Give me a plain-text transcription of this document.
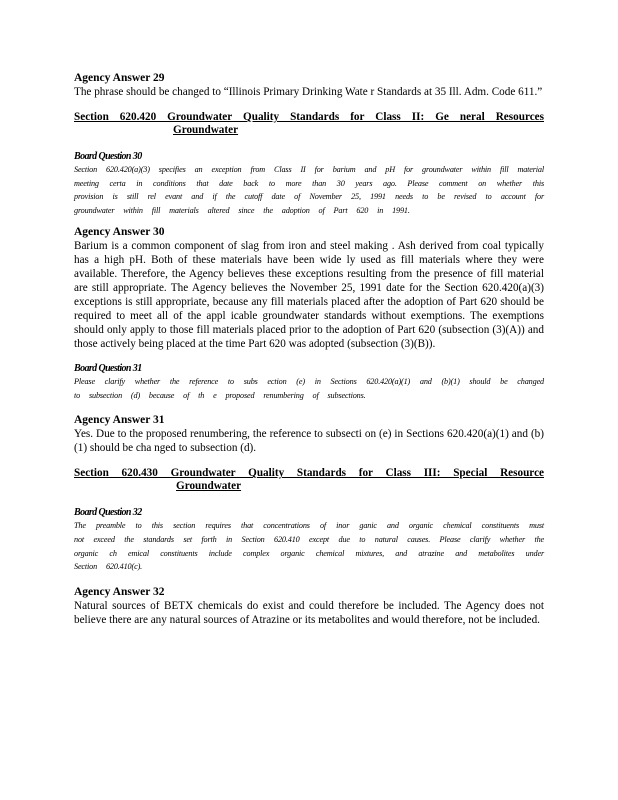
Agency Answer 29

The phrase should be changed to “Illinois Primary Drinking Wate r Standards at 35 Ill. Adm. Code 611.”

Section 620.420 Groundwater Quality Standards for Class II: Ge neral Resources

Groundwater

Board Question 30

Section 620.420(a)(3) specifies an exception from Class II for barium and pH for groundwater within fill material meeting certa in conditions that date back to more than 30 years ago. Please comment on whether this provision is still rel evant and if the cutoff date of November 25, 1991 needs to be revised to account for groundwater within fill materials altered since the adoption of Part 620 in 1991.

Agency Answer 30

Barium is a common component of slag from iron and steel making . Ash derived from coal typically has a high pH. Both of these materials have been wide ly used as fill materials where they were available. Therefore, the Agency believes these exceptions resulting from the presence of fill material are still appropriate. The Agency believes the November 25, 1991 date for the Section 620.420(a)(3) exceptions is still appropriate, because any fill materials placed after the adoption of Part 620 should be required to meet all of the appl icable groundwater standards without exemptions. The exemptions should only apply to those fill materials placed prior to the adoption of Part 620 (subsection (3)(A)) and those actively being placed at the time Part 620 was adopted (subsection (3)(B)).

Board Question 31

Please clarify whether the reference to subs ection (e) in Sections 620.420(a)(1) and (b)(1) should be changed to subsection (d) because of th e proposed renumbering of subsections.

Agency Answer 31

Yes. Due to the proposed renumbering, the reference to subsecti on (e) in Sections 620.420(a)(1) and (b)(1) should be cha nged to subsection (d).

Section 620.430 Groundwater Quality Standards for Class III: Special Resource

Groundwater

Board Question 32

The preamble to this section requires that concentrations of inor ganic and organic chemical constituents must not exceed the standards set forth in Section 620.410 except due to natural causes. Please clarify whether the organic ch emical constituents include complex organic chemical mixtures, and atrazine and metabolites under Section 620.410(c).

Agency Answer 32

Natural sources of BETX chemicals do exist and could therefore be included. The Agency does not believe there are any natural sources of Atrazine or its metabolites and would therefore, not be included.
